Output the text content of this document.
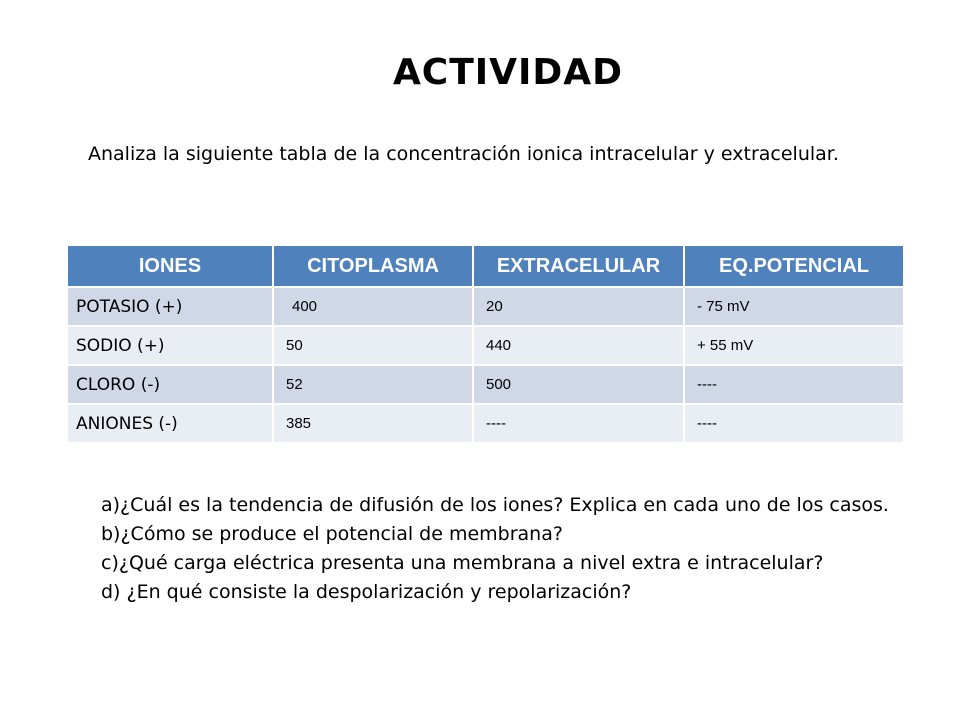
ACTIVIDAD

Analiza la siguiente tabla de la concentración ionica intracelular y extracelular.

IONES	CITOPLASMA	EXTRACELULAR	EQ.POTENCIAL
POTASIO (+)	400	20	- 75 mV
SODIO (+)	50	440	+ 55 mV
CLORO (-)	52	500	----
ANIONES (-)	385	----	----

a)¿Cuál es la tendencia de difusión de los iones? Explica en cada uno de los casos.

b)¿Cómo se produce el potencial de membrana?

c)¿Qué carga eléctrica presenta una membrana a nivel extra e intracelular?

d) ¿En qué consiste la despolarización y repolarización?
